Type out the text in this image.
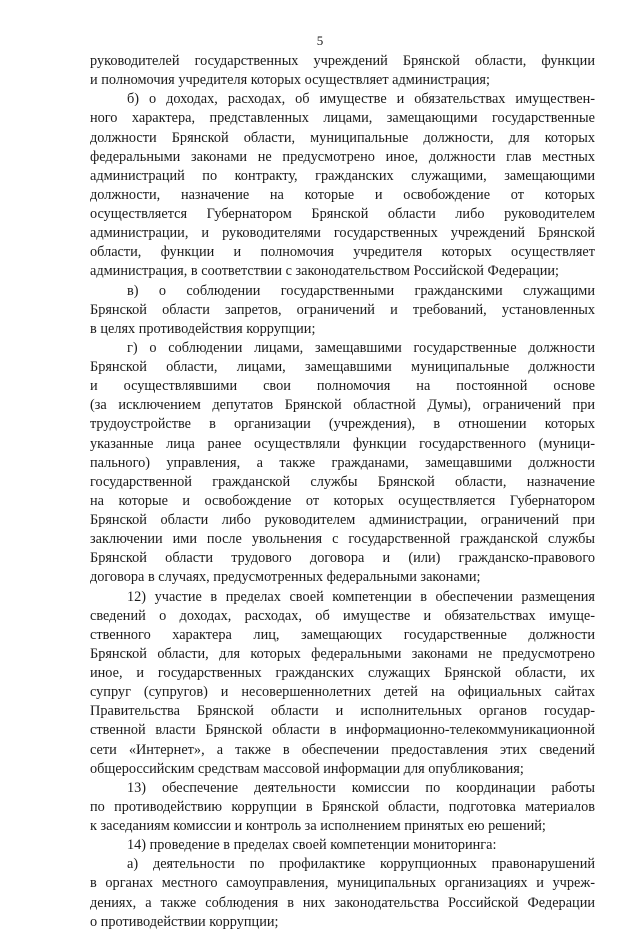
5
руководителей государственных учреждений Брянской области, функции
и полномочия учредителя которых осуществляет администрация;
б) о доходах, расходах, об имуществе и обязательствах имуществен-
ного характера, представленных лицами, замещающими государственные
должности Брянской области, муниципальные должности, для которых
федеральными законами не предусмотрено иное, должности глав местных
администраций по контракту, гражданских служащими, замещающими
должности, назначение на которые и освобождение от которых
осуществляется Губернатором Брянской области либо руководителем
администрации, и руководителями государственных учреждений Брянской
области, функции и полномочия учредителя которых осуществляет
администрация, в соответствии с законодательством Российской Федерации;
в) о соблюдении государственными гражданскими служащими
Брянской области запретов, ограничений и требований, установленных
в целях противодействия коррупции;
г) о соблюдении лицами, замещавшими государственные должности
Брянской области, лицами, замещавшими муниципальные должности
и осуществлявшими свои полномочия на постоянной основе
(за исключением депутатов Брянской областной Думы), ограничений при
трудоустройстве в организации (учреждения), в отношении которых
указанные лица ранее осуществляли функции государственного (муници-
пального) управления, а также гражданами, замещавшими должности
государственной гражданской службы Брянской области, назначение
на которые и освобождение от которых осуществляется Губернатором
Брянской области либо руководителем администрации, ограничений при
заключении ими после увольнения с государственной гражданской службы
Брянской области трудового договора и (или) гражданско-правового
договора в случаях, предусмотренных федеральными законами;
12) участие в пределах своей компетенции в обеспечении размещения
сведений о доходах, расходах, об имуществе и обязательствах имуще-
ственного характера лиц, замещающих государственные должности
Брянской области, для которых федеральными законами не предусмотрено
иное, и государственных гражданских служащих Брянской области, их
супруг (супругов) и несовершеннолетних детей на официальных сайтах
Правительства Брянской области и исполнительных органов государ-
ственной власти Брянской области в информационно-телекоммуникационной
сети «Интернет», а также в обеспечении предоставления этих сведений
общероссийским средствам массовой информации для опубликования;
13) обеспечение деятельности комиссии по координации работы
по противодействию коррупции в Брянской области, подготовка материалов
к заседаниям комиссии и контроль за исполнением принятых ею решений;
14) проведение в пределах своей компетенции мониторинга:
а) деятельности по профилактике коррупционных правонарушений
в органах местного самоуправления, муниципальных организациях и учреж-
дениях, а также соблюдения в них законодательства Российской Федерации
о противодействии коррупции;
